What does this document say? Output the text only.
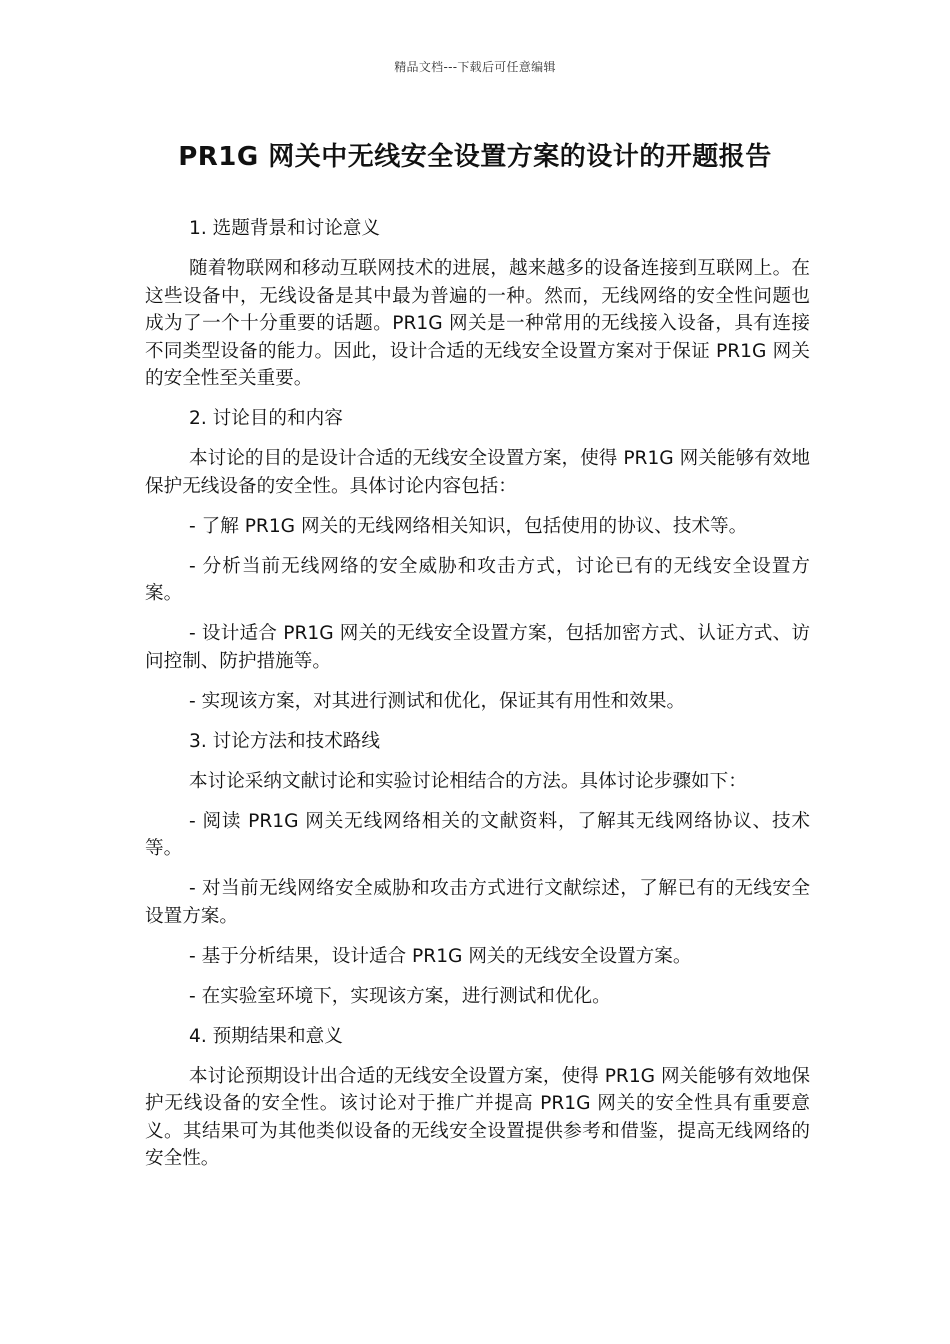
精品文档---下载后可任意编辑
PR1G 网关中无线安全设置方案的设计的开题报告

1. 选题背景和讨论意义

随着物联网和移动互联网技术的进展，越来越多的设备连接到互联网上。在这些设备中，无线设备是其中最为普遍的一种。然而，无线网络的安全性问题也成为了一个十分重要的话题。PR1G 网关是一种常用的无线接入设备，具有连接不同类型设备的能力。因此，设计合适的无线安全设置方案对于保证 PR1G 网关的安全性至关重要。

2. 讨论目的和内容

本讨论的目的是设计合适的无线安全设置方案，使得 PR1G 网关能够有效地保护无线设备的安全性。具体讨论内容包括：

- 了解 PR1G 网关的无线网络相关知识，包括使用的协议、技术等。

- 分析当前无线网络的安全威胁和攻击方式，讨论已有的无线安全设置方案。

- 设计适合 PR1G 网关的无线安全设置方案，包括加密方式、认证方式、访问控制、防护措施等。

- 实现该方案，对其进行测试和优化，保证其有用性和效果。

3. 讨论方法和技术路线

本讨论采纳文献讨论和实验讨论相结合的方法。具体讨论步骤如下：

- 阅读 PR1G 网关无线网络相关的文献资料，了解其无线网络协议、技术等。

- 对当前无线网络安全威胁和攻击方式进行文献综述，了解已有的无线安全设置方案。

- 基于分析结果，设计适合 PR1G 网关的无线安全设置方案。

- 在实验室环境下，实现该方案，进行测试和优化。

4. 预期结果和意义

本讨论预期设计出合适的无线安全设置方案，使得 PR1G 网关能够有效地保护无线设备的安全性。该讨论对于推广并提高 PR1G 网关的安全性具有重要意义。其结果可为其他类似设备的无线安全设置提供参考和借鉴，提高无线网络的安全性。
